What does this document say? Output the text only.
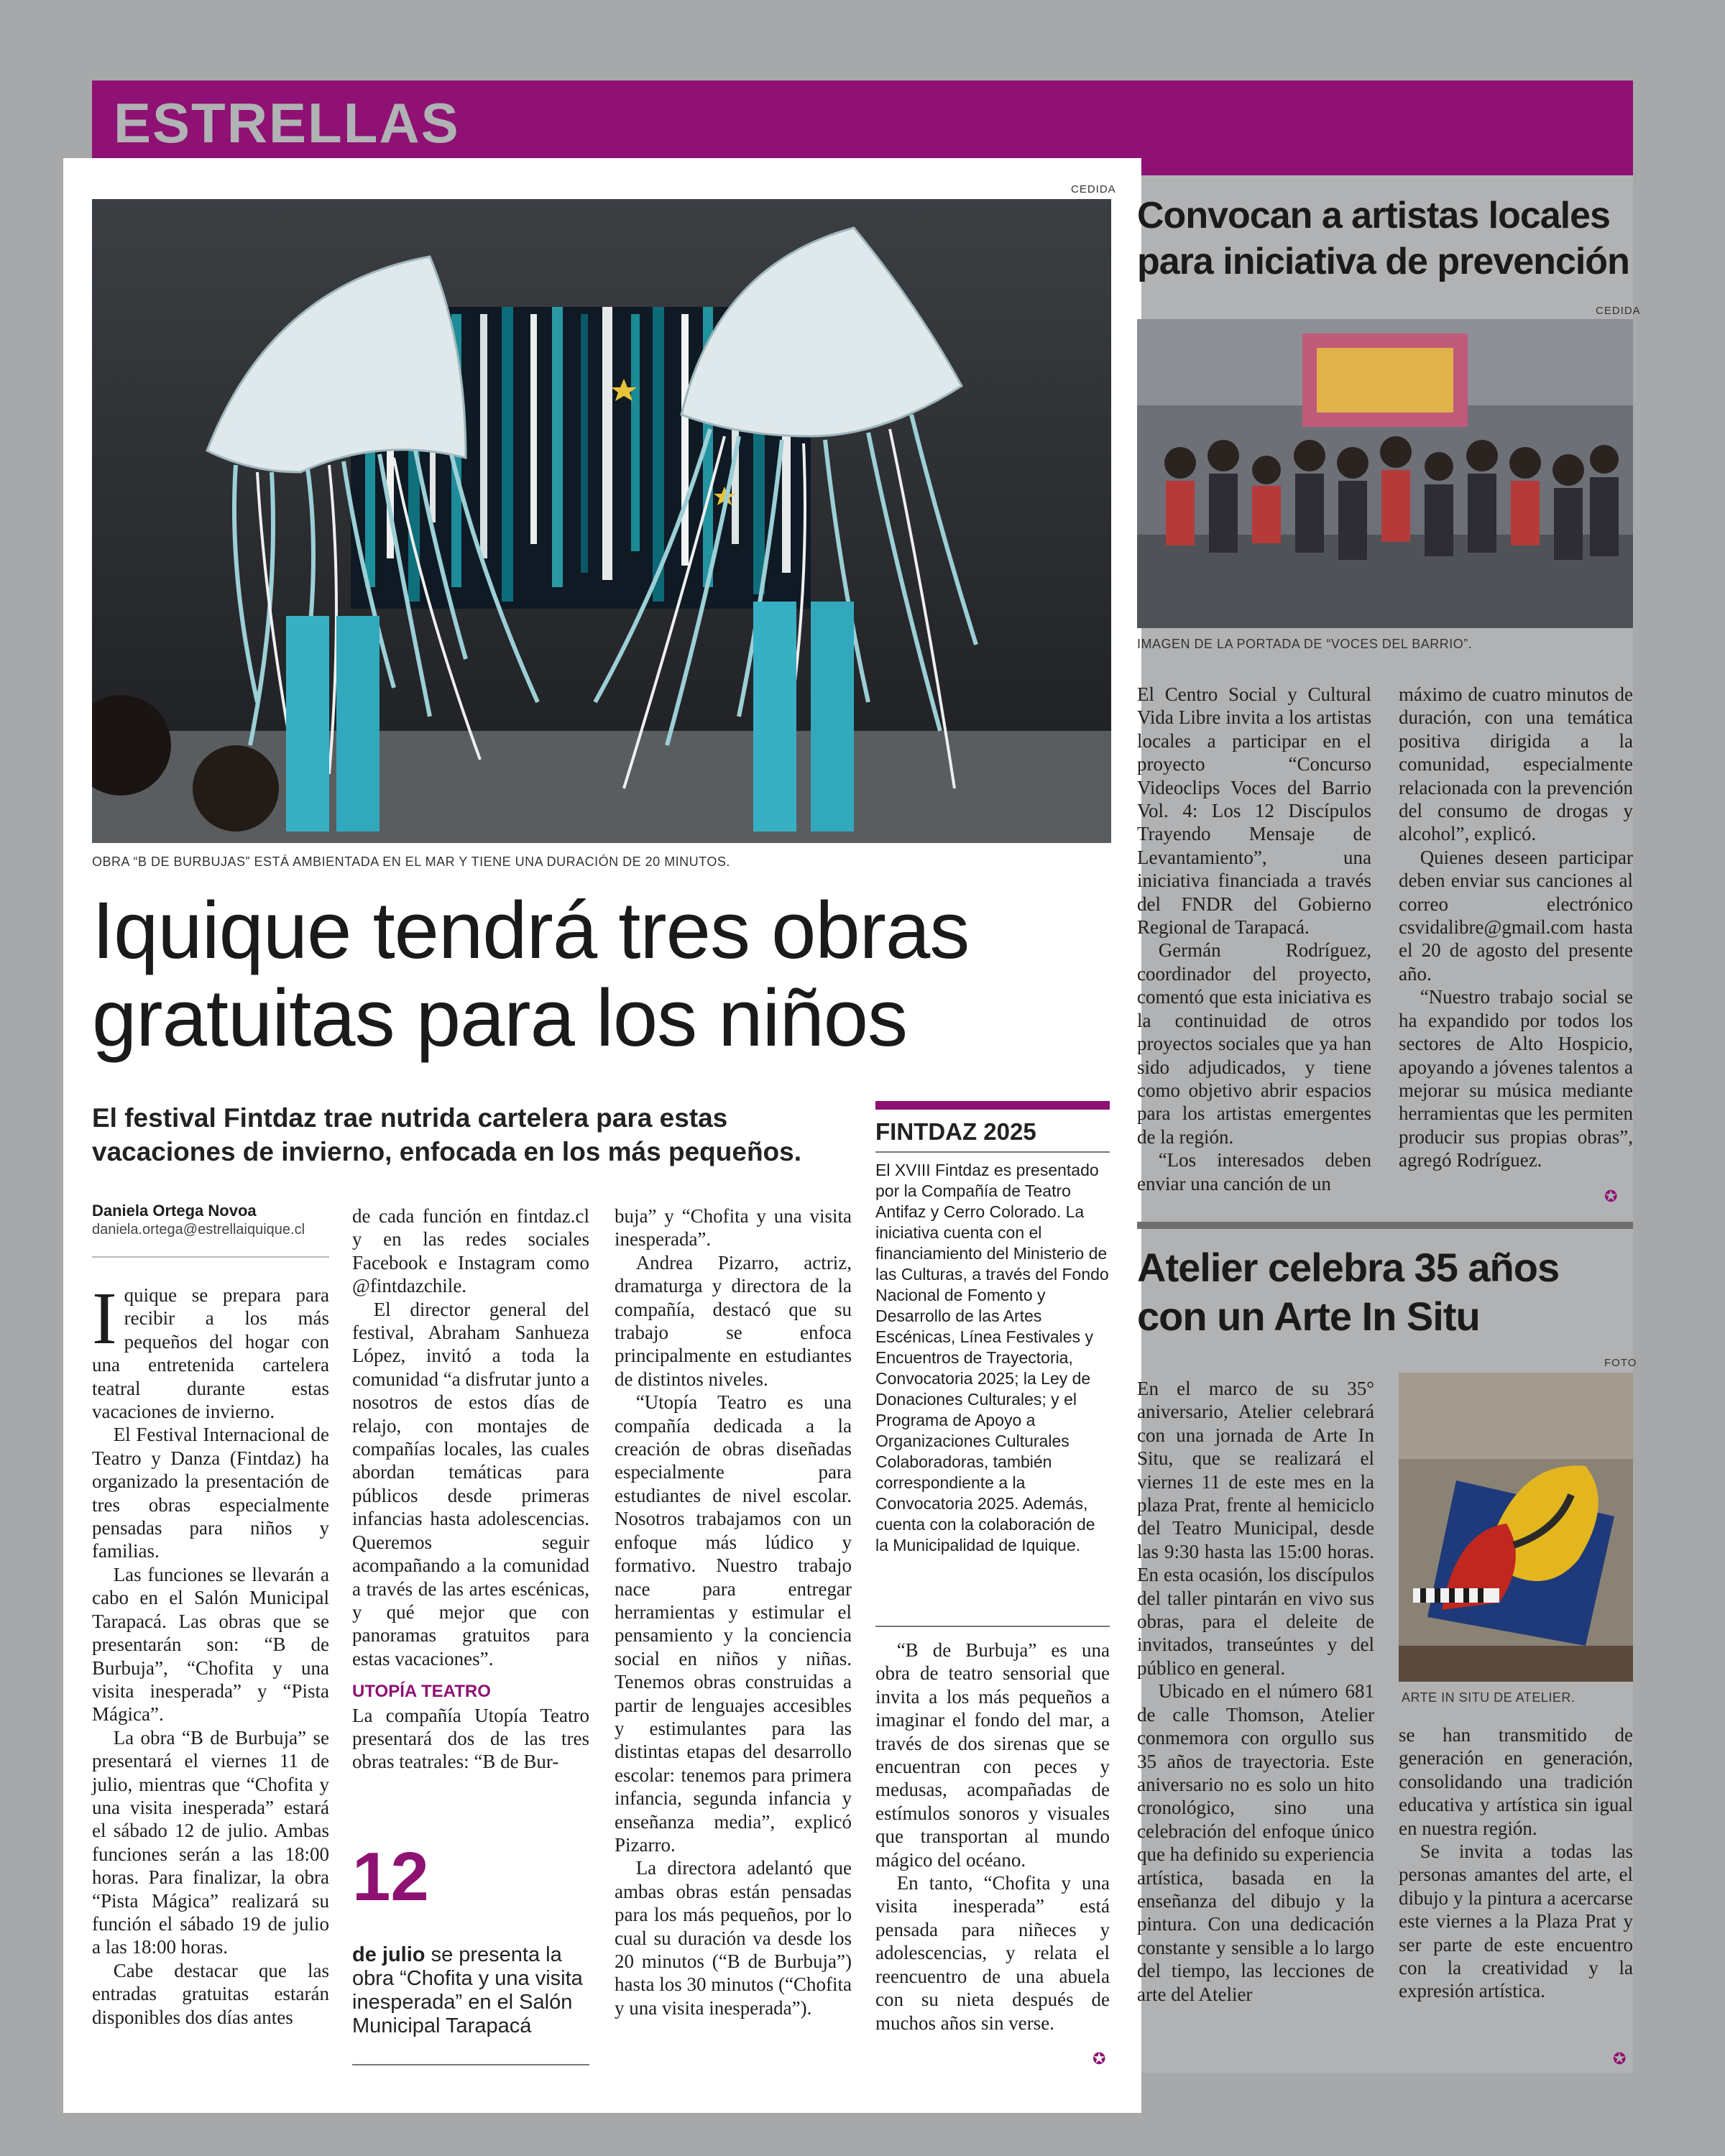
ESTRELLAS
CEDIDA
OBRA “B DE BURBUJAS” ESTÁ AMBIENTADA EN EL MAR Y TIENE UNA DURACIÓN DE 20 MINUTOS.
Iquique tendrá tres obras
gratuitas para los niños
El festival Fintdaz trae nutrida cartelera para estas
vacaciones de invierno, enfocada en los más pequeños.
Daniela Ortega Novoa
daniela.ortega@estrellaiquique.cl

Iquique se prepara para recibir a los más pequeños del hogar con una entretenida cartelera teatral durante estas vacaciones de invierno.

El Festival Internacional de Teatro y Danza (Fintdaz) ha organizado la presentación de tres obras especialmente pensadas para niños y familias.

Las funciones se llevarán a cabo en el Salón Municipal Tarapacá. Las obras que se presentarán son: “B de Burbuja”, “Chofita y una visita inesperada” y “Pista Mágica”.

La obra “B de Burbuja” se presentará el viernes 11 de julio, mientras que “Chofita y una visita inesperada” estará el sábado 12 de julio. Ambas funciones serán a las 18:00 horas. Para finalizar, la obra “Pista Mágica” realizará su función el sábado 19 de julio a las 18:00 horas.

Cabe destacar que las entradas gratuitas estarán disponibles dos días antes

de cada función en fintdaz.cl y en las redes sociales Facebook e Instagram como @fintdazchile.

El director general del festival, Abraham Sanhueza López, invitó a toda la comunidad “a disfrutar junto a nosotros de estos días de relajo, con montajes de compañías locales, las cuales abordan temáticas para públicos desde primeras infancias hasta adolescencias. Queremos seguir acompañando a la comunidad a través de las artes escénicas, y qué mejor que con panoramas gratuitos para estas vacaciones”.

UTOPÍA TEATRO

La compañía Utopía Teatro presentará dos de las tres obras teatrales: “B de Bur-

12
de julio se presenta la obra “Chofita y una visita inesperada” en el Salón Municipal Tarapacá

buja” y “Chofita y una visita inesperada”.

Andrea Pizarro, actriz, dramaturga y directora de la compañía, destacó que su trabajo se enfoca principalmente en estudiantes de distintos niveles.

“Utopía Teatro es una compañía dedicada a la creación de obras diseñadas especialmente para estudiantes de nivel escolar. Nosotros trabajamos con un enfoque más lúdico y formativo. Nuestro trabajo nace para entregar herramientas y estimular el pensamiento y la conciencia social en niños y niñas. Tenemos obras construidas a partir de lenguajes accesibles y estimulantes para las distintas etapas del desarrollo escolar: tenemos para primera infancia, segunda infancia y enseñanza media”, explicó Pizarro.

La directora adelantó que ambas obras están pensadas para los más pequeños, por lo cual su duración va desde los 20 minutos (“B de Burbuja”) hasta los 30 minutos (“Chofita y una visita inesperada”).

FINTDAZ 2025
El XVIII Fintdaz es presentado por la Compañía de Teatro Antifaz y Cerro Colorado. La iniciativa cuenta con el financiamiento del Ministerio de las Culturas, a través del Fondo Nacional de Fomento y Desarrollo de las Artes Escénicas, Línea Festivales y Encuentros de Trayectoria, Convocatoria 2025; la Ley de Donaciones Culturales; y el Programa de Apoyo a Organizaciones Culturales Colaboradoras, también correspondiente a la Convocatoria 2025. Además, cuenta con la colaboración de la Municipalidad de Iquique.

“B de Burbuja” es una obra de teatro sensorial que invita a los más pequeños a imaginar el fondo del mar, a través de dos sirenas que se encuentran con peces y medusas, acompañadas de estímulos sonoros y visuales que transportan al mundo mágico del océano.

En tanto, “Chofita y una visita inesperada” está pensada para niñeces y adolescencias, y relata el reencuentro de una abuela con su nieta después de muchos años sin verse.

✪
Convocan a artistas locales
para iniciativa de prevención
CEDIDA
IMAGEN DE LA PORTADA DE “VOCES DEL BARRIO”.

El Centro Social y Cultural Vida Libre invita a los artistas locales a participar en el proyecto “Concurso Videoclips Voces del Barrio Vol. 4: Los 12 Discípulos Trayendo Mensaje de Levantamiento”, una iniciativa financiada a través del FNDR del Gobierno Regional de Tarapacá.

Germán Rodríguez, coordinador del proyecto, comentó que esta iniciativa es la continuidad de otros proyectos sociales que ya han sido adjudicados, y tiene como objetivo abrir espacios para los artistas emergentes de la región.

“Los interesados deben enviar una canción de un

máximo de cuatro minutos de duración, con una temática positiva dirigida a la comunidad, especialmente relacionada con la prevención del consumo de drogas y alcohol”, explicó.

Quienes deseen participar deben enviar sus canciones al correo electrónico csvidalibre@gmail.com hasta el 20 de agosto del presente año.

“Nuestro trabajo social se ha expandido por todos los sectores de Alto Hospicio, apoyando a jóvenes talentos a mejorar su música mediante herramientas que les permiten producir sus propias obras”, agregó Rodríguez.

✪
Atelier celebra 35 años
con un Arte In Situ

En el marco de su 35° aniversario, Atelier celebrará con una jornada de Arte In Situ, que se realizará el viernes 11 de este mes en la plaza Prat, frente al hemiciclo del Teatro Municipal, desde las 9:30 hasta las 15:00 horas. En esta ocasión, los discípulos del taller pintarán en vivo sus obras, para el deleite de invitados, transeúntes y del público en general.

Ubicado en el número 681 de calle Thomson, Atelier conmemora con orgullo sus 35 años de trayectoria. Este aniversario no es solo un hito cronológico, sino una celebración del enfoque único que ha definido su experiencia artística, basada en la enseñanza del dibujo y la pintura. Con una dedicación constante y sensible a lo largo del tiempo, las lecciones de arte del Atelier

FOTO
ARTE IN SITU DE ATELIER.

se han transmitido de generación en generación, consolidando una tradición educativa y artística sin igual en nuestra región.

Se invita a todas las personas amantes del arte, el dibujo y la pintura a acercarse este viernes a la Plaza Prat y ser parte de este encuentro con la creatividad y la expresión artística.

✪
